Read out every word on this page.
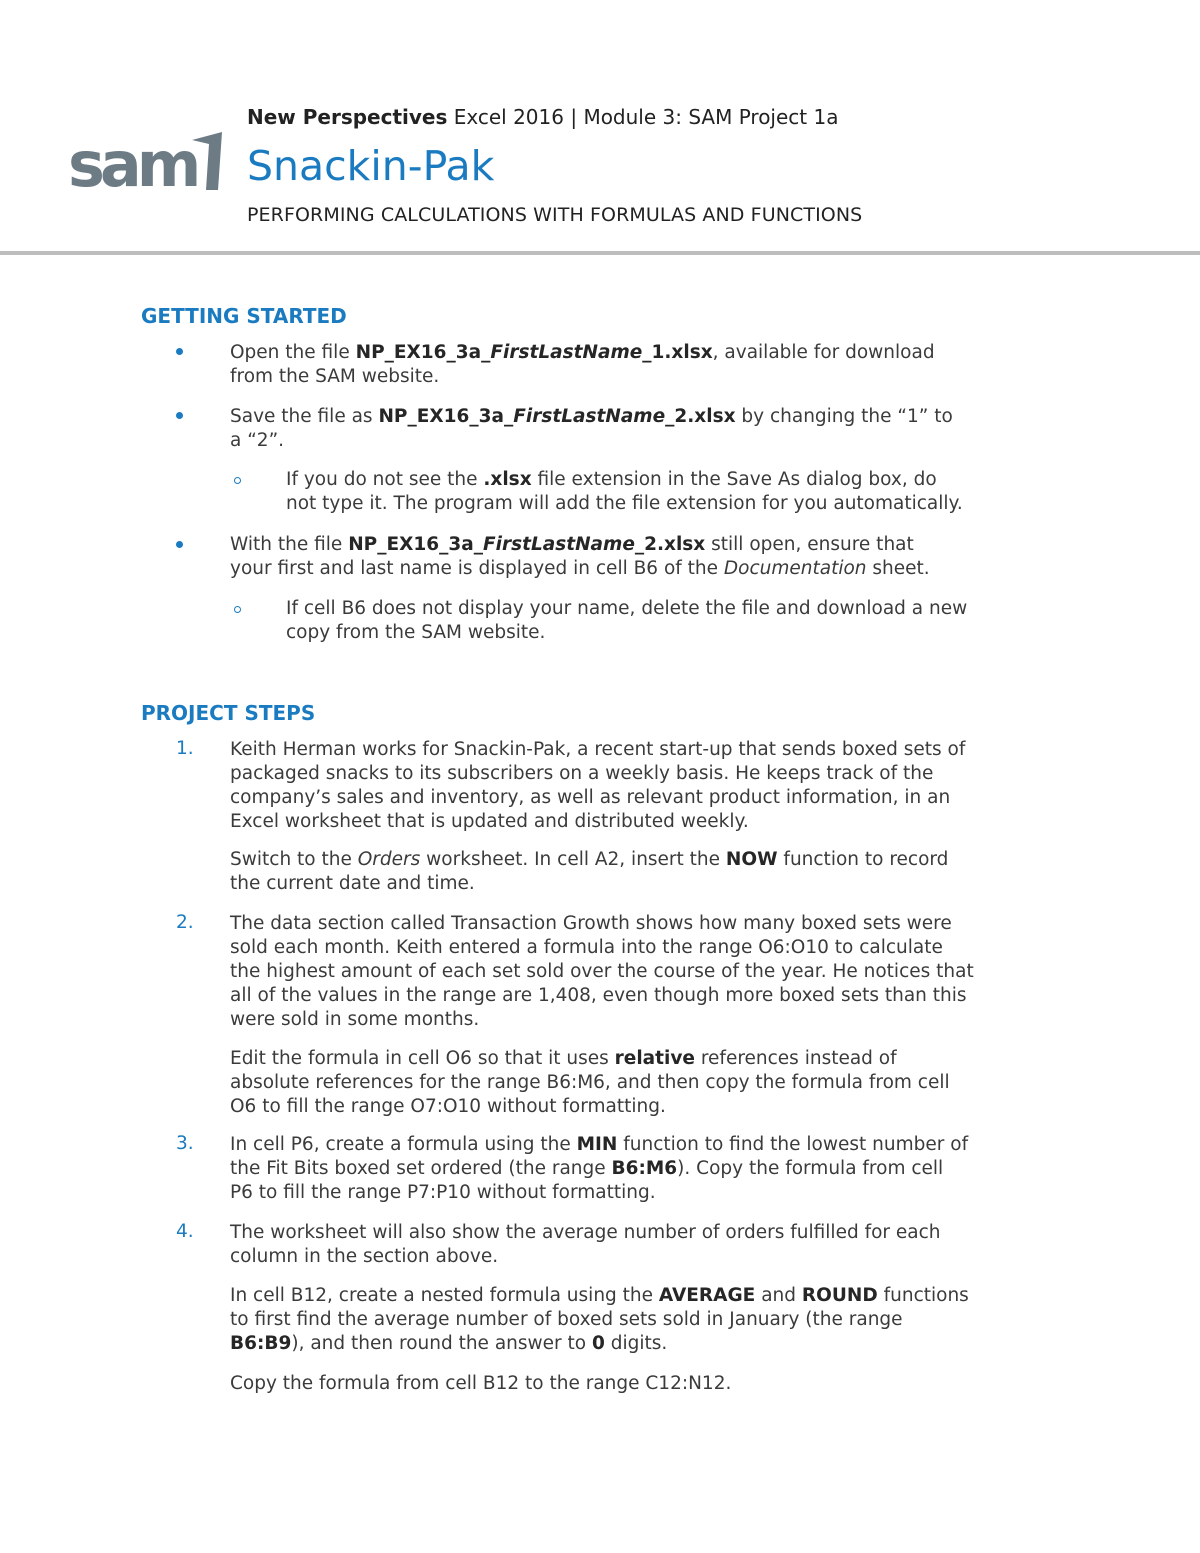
sam
New Perspectives Excel 2016 | Module 3: SAM Project 1a
Snackin-Pak
PERFORMING CALCULATIONS WITH FORMULAS AND FUNCTIONS
GETTING STARTED
Open the file NP_EX16_3a_FirstLastName_1.xlsx, available for download
from the SAM website.
Save the file as NP_EX16_3a_FirstLastName_2.xlsx by changing the “1” to
a “2”.
If you do not see the .xlsx file extension in the Save As dialog box, do
not type it. The program will add the file extension for you automatically.
With the file NP_EX16_3a_FirstLastName_2.xlsx still open, ensure that
your first and last name is displayed in cell B6 of the Documentation sheet.
If cell B6 does not display your name, delete the file and download a new
copy from the SAM website.
PROJECT STEPS
1. Keith Herman works for Snackin-Pak, a recent start-up that sends boxed sets of
packaged snacks to its subscribers on a weekly basis. He keeps track of the
company’s sales and inventory, as well as relevant product information, in an
Excel worksheet that is updated and distributed weekly.
Switch to the Orders worksheet. In cell A2, insert the NOW function to record
the current date and time.
2. The data section called Transaction Growth shows how many boxed sets were
sold each month. Keith entered a formula into the range O6:O10 to calculate
the highest amount of each set sold over the course of the year. He notices that
all of the values in the range are 1,408, even though more boxed sets than this
were sold in some months.
Edit the formula in cell O6 so that it uses relative references instead of
absolute references for the range B6:M6, and then copy the formula from cell
O6 to fill the range O7:O10 without formatting.
3. In cell P6, create a formula using the MIN function to find the lowest number of
the Fit Bits boxed set ordered (the range B6:M6). Copy the formula from cell
P6 to fill the range P7:P10 without formatting.
4. The worksheet will also show the average number of orders fulfilled for each
column in the section above.
In cell B12, create a nested formula using the AVERAGE and ROUND functions
to first find the average number of boxed sets sold in January (the range
B6:B9), and then round the answer to 0 digits.
Copy the formula from cell B12 to the range C12:N12.
